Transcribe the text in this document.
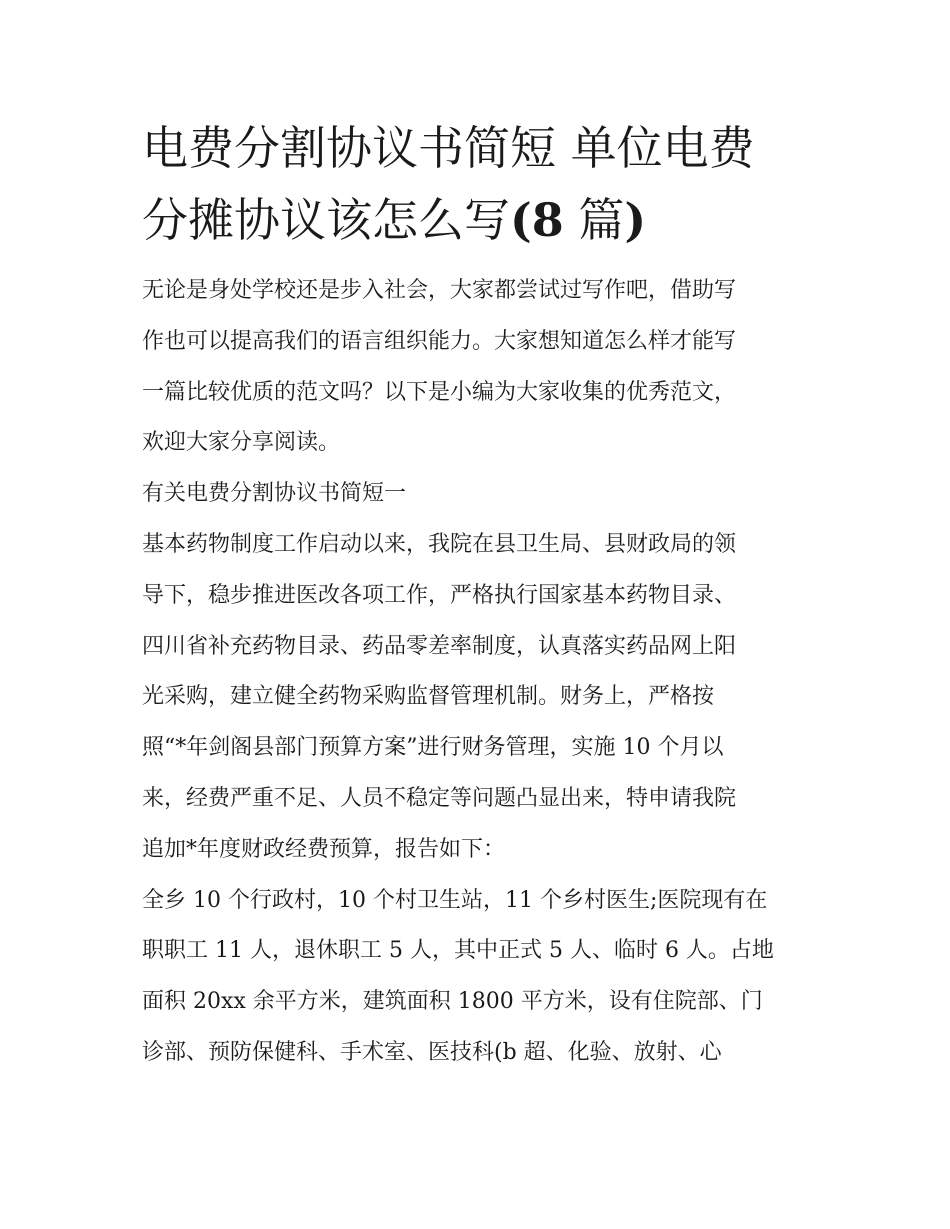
电费分割协议书简短 单位电费
分摊协议该怎么写(8 篇)

无论是身处学校还是步入社会，大家都尝试过写作吧，借助写
作也可以提高我们的语言组织能力。大家想知道怎么样才能写
一篇比较优质的范文吗？以下是小编为大家收集的优秀范文，
欢迎大家分享阅读。

有关电费分割协议书简短一

基本药物制度工作启动以来，我院在县卫生局、县财政局的领
导下，稳步推进医改各项工作，严格执行国家基本药物目录、
四川省补充药物目录、药品零差率制度，认真落实药品网上阳
光采购，建立健全药物采购监督管理机制。财务上，严格按
照“*年剑阁县部门预算方案”进行财务管理，实施 10 个月以
来，经费严重不足、人员不稳定等问题凸显出来，特申请我院
追加*年度财政经费预算，报告如下：

全乡 10 个行政村，10 个村卫生站，11 个乡村医生;医院现有在
职职工 11 人，退休职工 5 人，其中正式 5 人、临时 6 人。占地
面积 20xx 余平方米，建筑面积 1800 平方米，设有住院部、门
诊部、预防保健科、手术室、医技科(b 超、化验、放射、心
